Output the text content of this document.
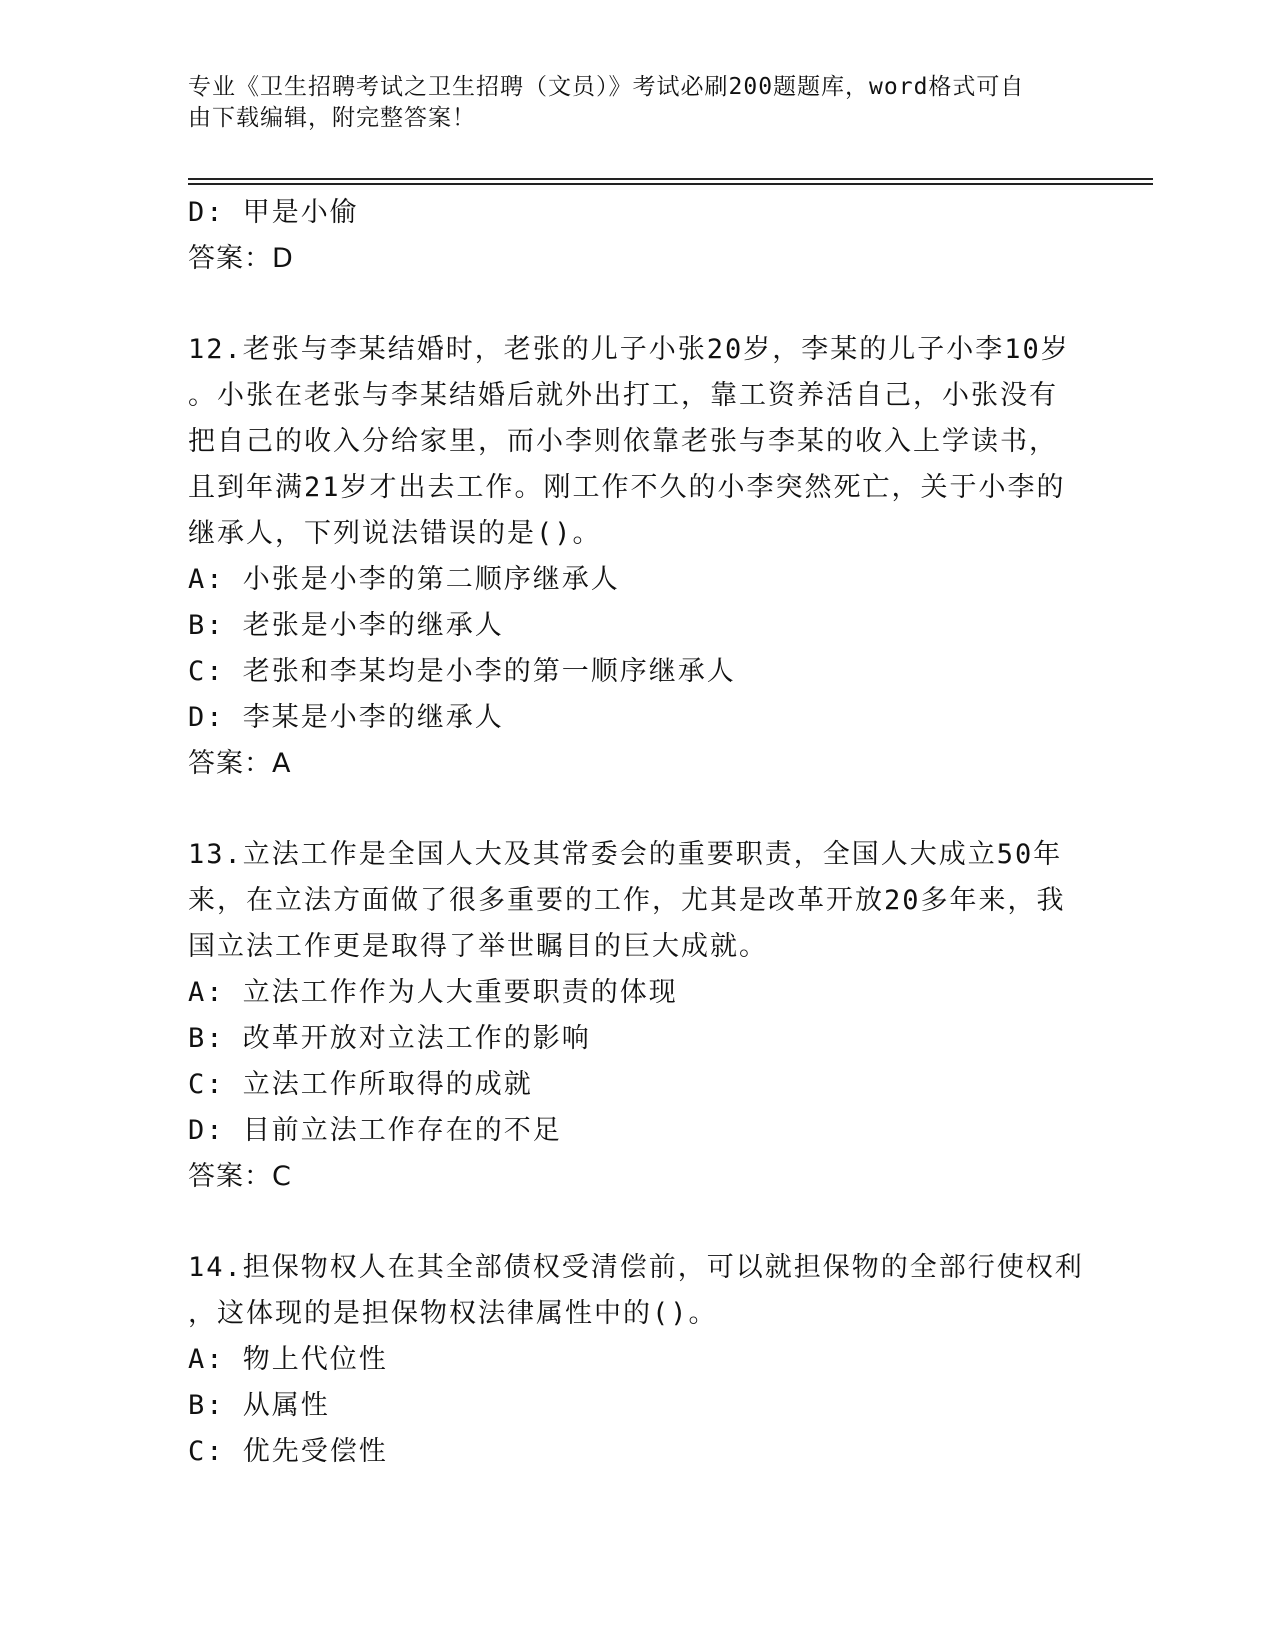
专业《卫生招聘考试之卫生招聘（文员）》考试必刷200题题库，word格式可自
由下载编辑，附完整答案！
D: 甲是小偷
答案：D
12.老张与李某结婚时，老张的儿子小张20岁，李某的儿子小李10岁
。小张在老张与李某结婚后就外出打工，靠工资养活自己，小张没有
把自己的收入分给家里，而小李则依靠老张与李某的收入上学读书，
且到年满21岁才出去工作。刚工作不久的小李突然死亡，关于小李的
继承人，下列说法错误的是()。
A: 小张是小李的第二顺序继承人
B: 老张是小李的继承人
C: 老张和李某均是小李的第一顺序继承人
D: 李某是小李的继承人
答案：A
13.立法工作是全国人大及其常委会的重要职责，全国人大成立50年
来，在立法方面做了很多重要的工作，尤其是改革开放20多年来，我
国立法工作更是取得了举世瞩目的巨大成就。
A: 立法工作作为人大重要职责的体现
B: 改革开放对立法工作的影响
C: 立法工作所取得的成就
D: 目前立法工作存在的不足
答案：C
14.担保物权人在其全部债权受清偿前，可以就担保物的全部行使权利
，这体现的是担保物权法律属性中的()。
A: 物上代位性
B: 从属性
C: 优先受偿性
